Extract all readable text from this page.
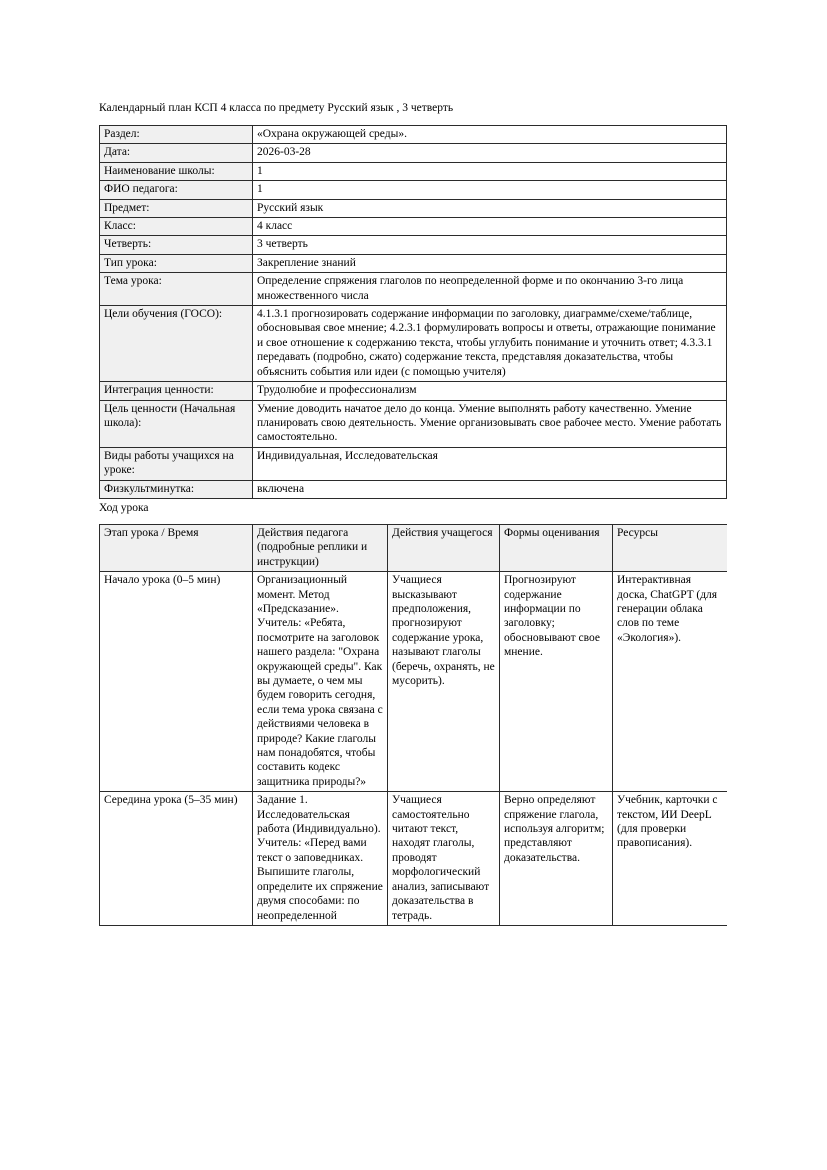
Календарный план КСП 4 класса по предмету Русский язык , 3 четверть
Раздел:	«Охрана окружающей среды».
Дата:	2026-03-28
Наименование школы:	1
ФИО педагога:	1
Предмет:	Русский язык
Класс:	4 класс
Четверть:	3 четверть
Тип урока:	Закрепление знаний
Тема урока:	Определение спряжения глаголов по неопределенной форме и по окончанию 3-го лица множественного числа
Цели обучения (ГОСО):	4.1.3.1 прогнозировать содержание информации по заголовку, диаграмме/схеме/таблице, обосновывая свое мнение; 4.2.3.1 формулировать вопросы и ответы, отражающие понимание и свое отношение к содержанию текста, чтобы углубить понимание и уточнить ответ; 4.3.3.1 передавать (подробно, сжато) содержание текста, представляя доказательства, чтобы объяснить события или идеи (с помощью учителя)
Интеграция ценности:	Трудолюбие и профессионализм
Цель ценности (Начальная школа):	Умение доводить начатое дело до конца. Умение выполнять работу качественно. Умение планировать свою деятельность. Умение организовывать свое рабочее место. Умение работать самостоятельно.
Виды работы учащихся на уроке:	Индивидуальная, Исследовательская
Физкультминутка:	включена
Ход урока
Этап урока / Время	Действия педагога (подробные реплики и инструкции)	Действия учащегося	Формы оценивания	Ресурсы
Начало урока (0–5 мин)	Организационный момент. Метод «Предсказание». Учитель: «Ребята, посмотрите на заголовок нашего раздела: "Охрана окружающей среды". Как вы думаете, о чем мы будем говорить сегодня, если тема урока связана с действиями человека в природе? Какие глаголы нам понадобятся, чтобы составить кодекс защитника природы?»	Учащиеся высказывают предположения, прогнозируют содержание урока, называют глаголы (беречь, охранять, не мусорить).	Прогнозируют содержание информации по заголовку; обосновывают свое мнение.	Интерактивная доска, ChatGPT (для генерации облака слов по теме «Экология»).
Середина урока (5–35 мин)	Задание 1. Исследовательская работа (Индивидуально). Учитель: «Перед вами текст о заповедниках. Выпишите глаголы, определите их спряжение двумя способами: по неопределенной	Учащиеся самостоятельно читают текст, находят глаголы, проводят морфологический анализ, записывают доказательства в тетрадь.	Верно определяют спряжение глагола, используя алгоритм; представляют доказательства.	Учебник, карточки с текстом, ИИ DeepL (для проверки правописания).
